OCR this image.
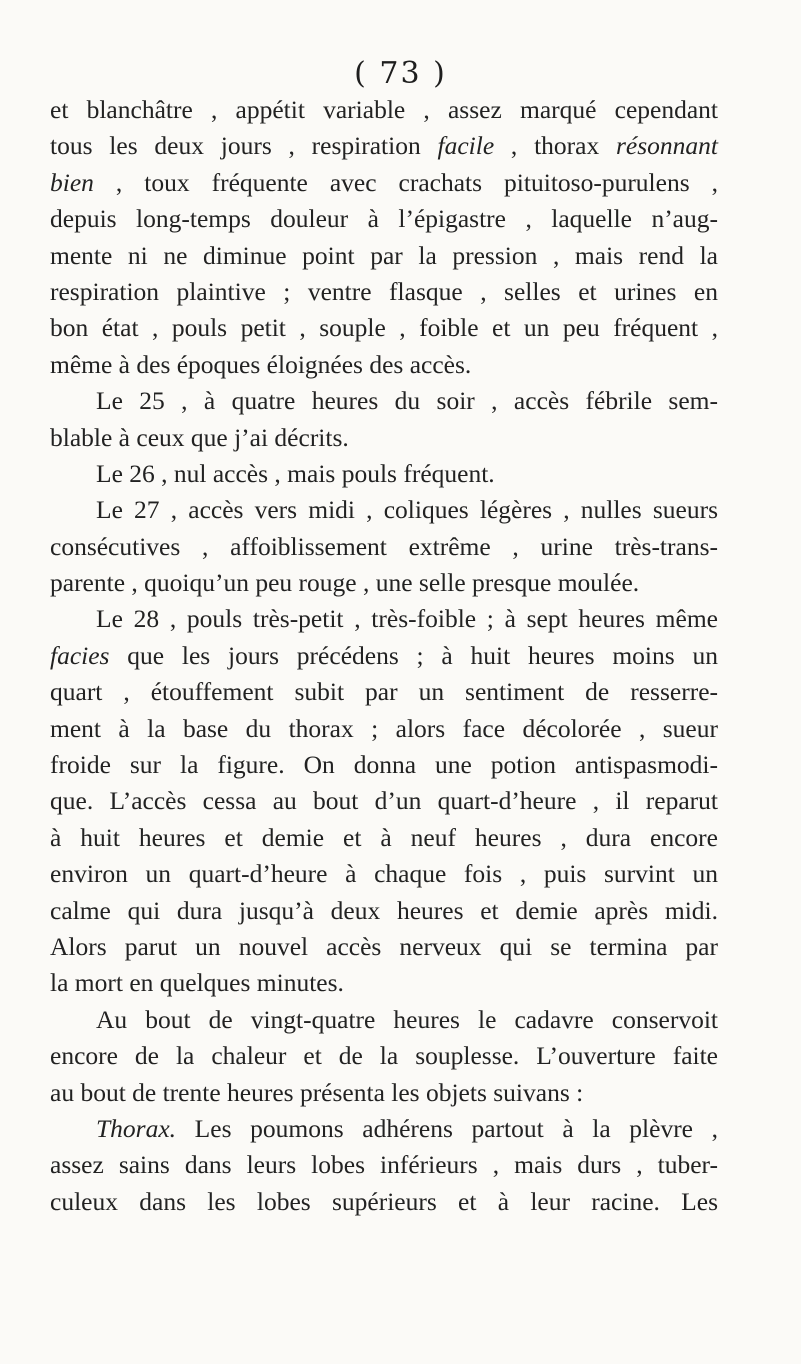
( 73 )
et blanchâtre , appétit variable , assez marqué cependant
tous les deux jours , respiration facile , thorax résonnant
bien , toux fréquente avec crachats pituitoso-purulens ,
depuis long-temps douleur à l’épigastre , laquelle n’aug-
mente ni ne diminue point par la pression , mais rend la
respiration plaintive ; ventre flasque , selles et urines en
bon état , pouls petit , souple , foible et un peu fréquent ,
même à des époques éloignées des accès.
Le 25 , à quatre heures du soir , accès fébrile sem-
blable à ceux que j’ai décrits.
Le 26 , nul accès , mais pouls fréquent.
Le 27 , accès vers midi , coliques légères , nulles sueurs
consécutives , affoiblissement extrême , urine très-trans-
parente , quoiqu’un peu rouge , une selle presque moulée.
Le 28 , pouls très-petit , très-foible ; à sept heures même
facies que les jours précédens ; à huit heures moins un
quart , étouffement subit par un sentiment de resserre-
ment à la base du thorax ; alors face décolorée , sueur
froide sur la figure. On donna une potion antispasmodi-
que. L’accès cessa au bout d’un quart-d’heure , il reparut
à huit heures et demie et à neuf heures , dura encore
environ un quart-d’heure à chaque fois , puis survint un
calme qui dura jusqu’à deux heures et demie après midi.
Alors parut un nouvel accès nerveux qui se termina par
la mort en quelques minutes.
Au bout de vingt-quatre heures le cadavre conservoit
encore de la chaleur et de la souplesse. L’ouverture faite
au bout de trente heures présenta les objets suivans :
Thorax. Les poumons adhérens partout à la plèvre ,
assez sains dans leurs lobes inférieurs , mais durs , tuber-
culeux dans les lobes supérieurs et à leur racine. Les
